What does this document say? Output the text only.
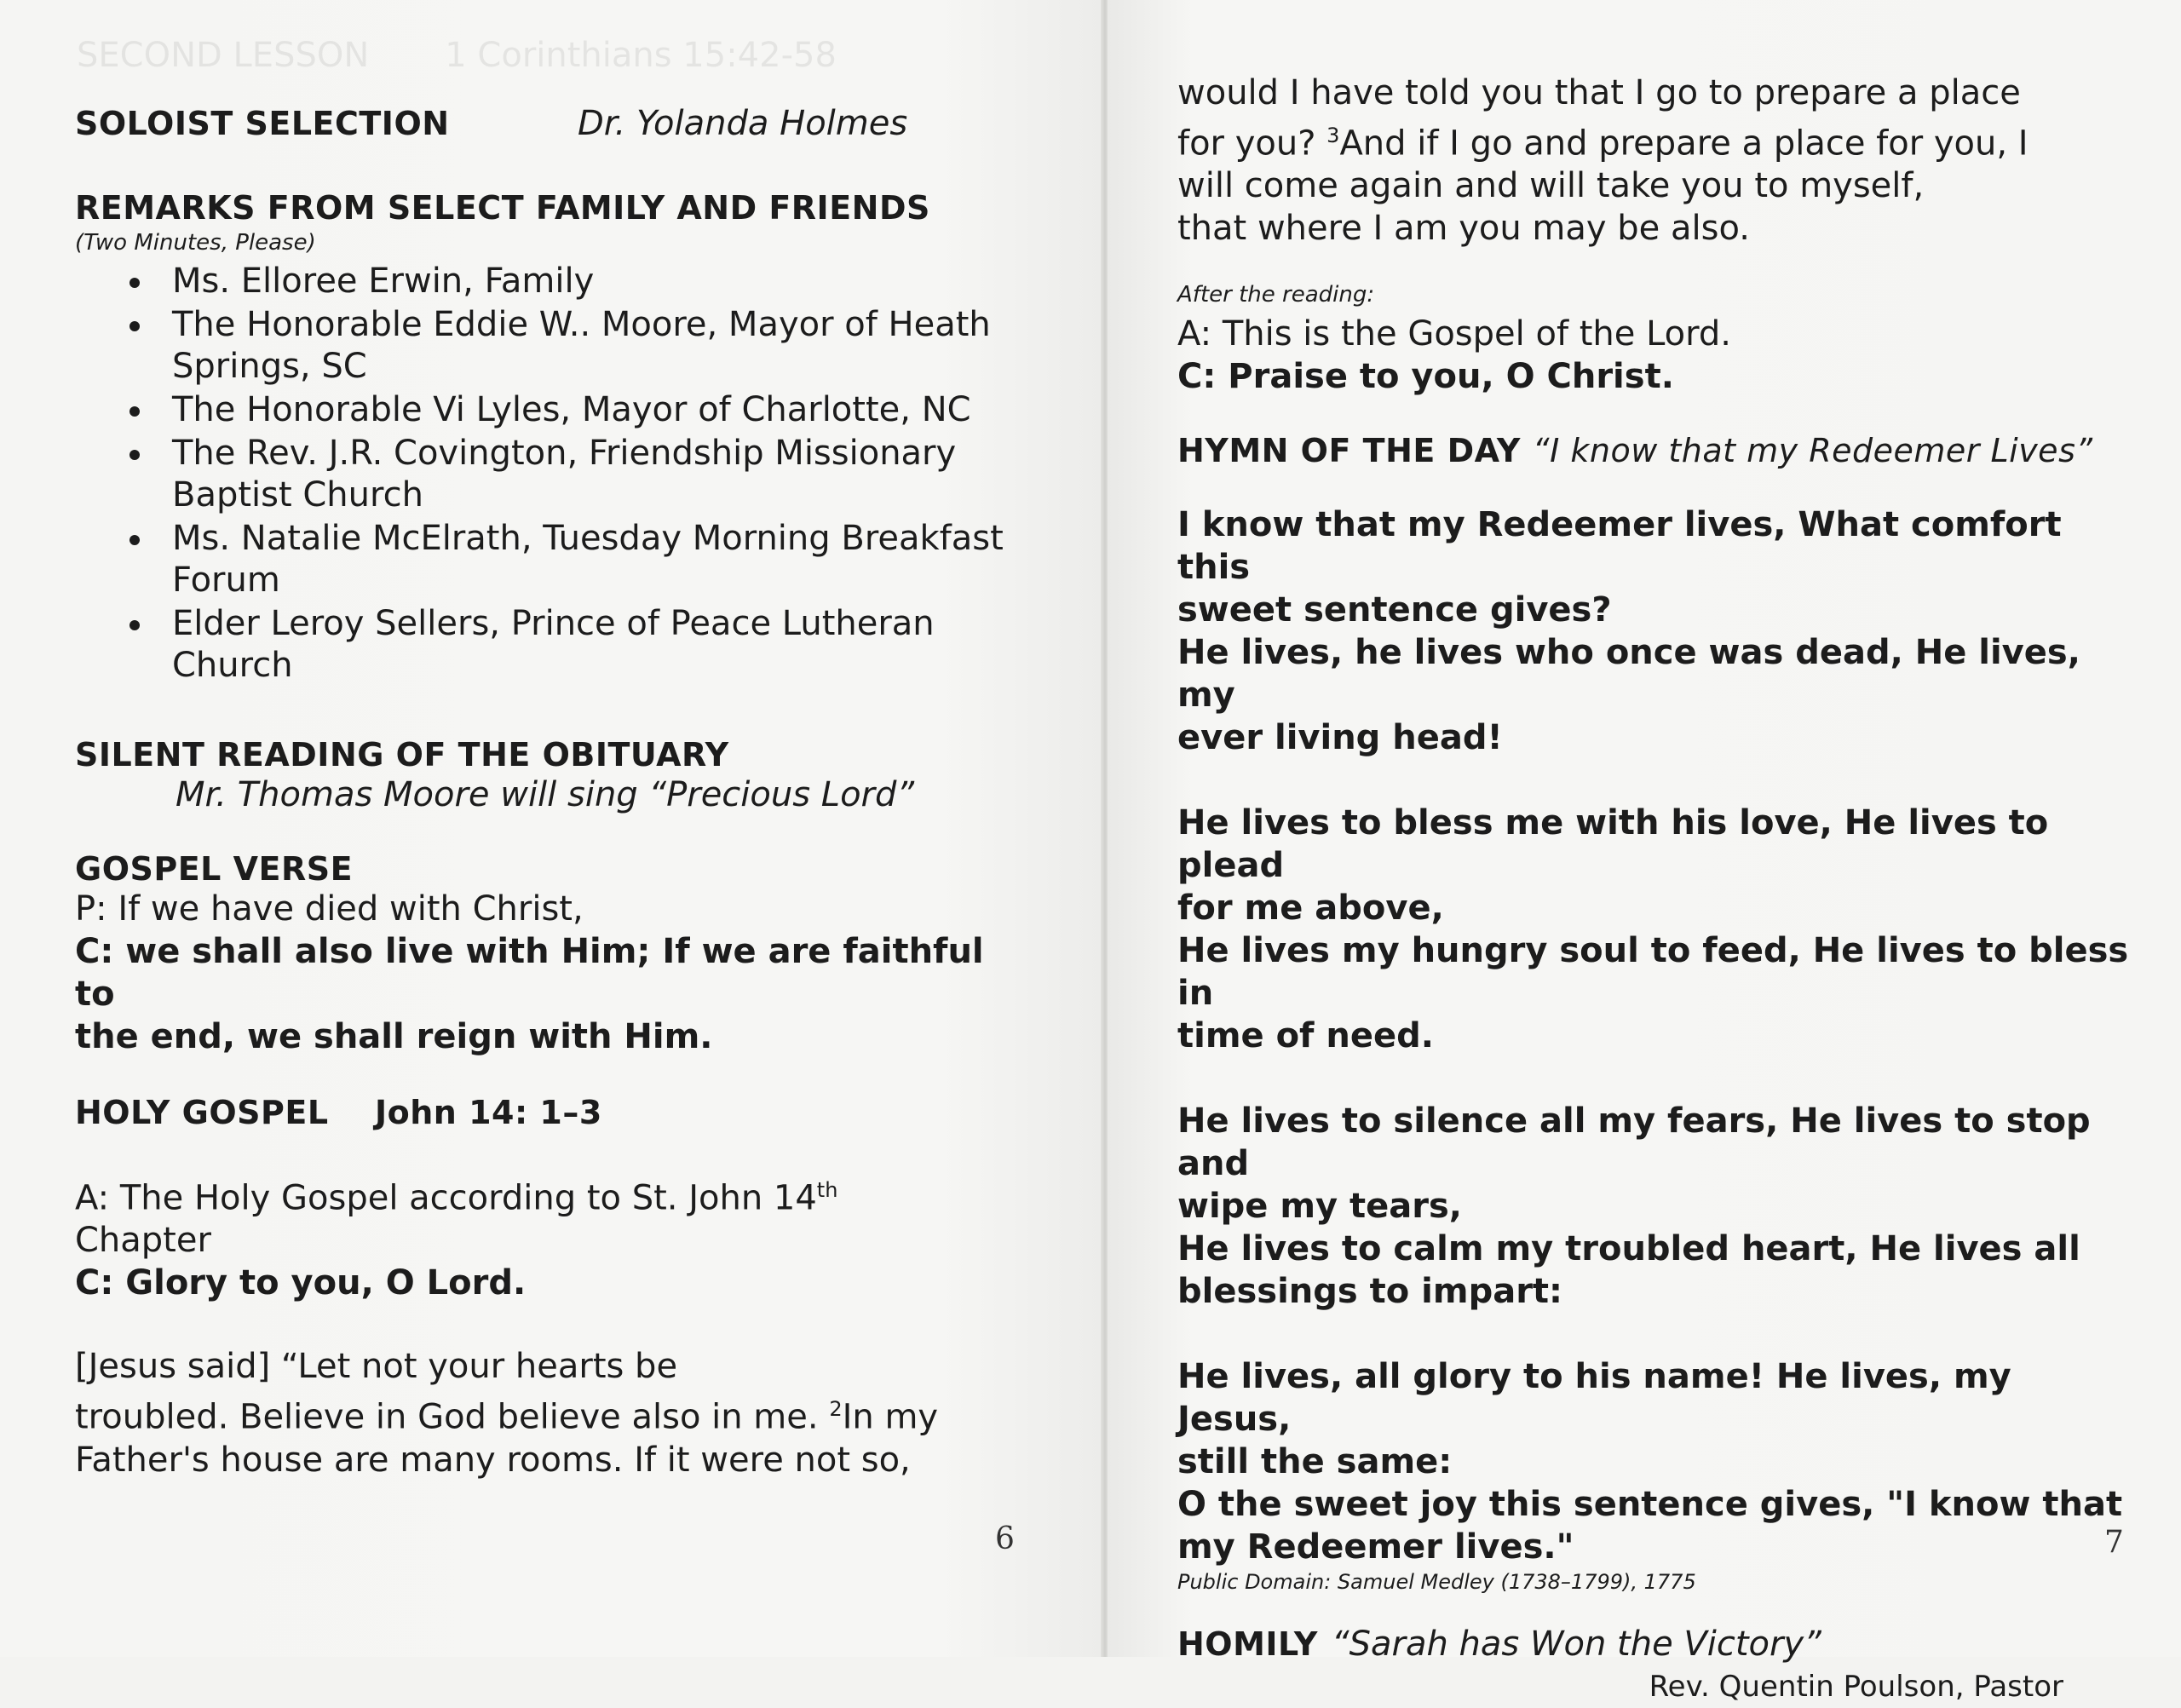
SECOND LESSON       1 Corinthians 15:42-58

SOLOIST SELECTION	Dr. Yolanda Holmes

REMARKS FROM SELECT FAMILY AND FRIENDS

(Two Minutes, Please)

Ms. Elloree Erwin, Family
The Honorable Eddie W.. Moore, Mayor of Heath Springs, SC
The Honorable Vi Lyles, Mayor of Charlotte, NC
The Rev. J.R. Covington, Friendship Missionary Baptist Church
Ms. Natalie McElrath, Tuesday Morning Breakfast Forum
Elder Leroy Sellers, Prince of Peace Lutheran Church

SILENT READING OF THE OBITUARY

Mr. Thomas Moore will sing “Precious Lord”

GOSPEL VERSE

P: If we have died with Christ,

C: we shall also live with Him; If we are faithful to

the end, we shall reign with Him.

HOLY GOSPEL	John 14: 1–3

A: The Holy Gospel according to St. John 14th

Chapter

C: Glory to you, O Lord.

[Jesus said] “Let not your hearts be

troubled. Believe in God believe also in me. $^2$In my

Father's house are many rooms. If it were not so,

6

would I have told you that I go to prepare a place

for you? $^3$And if I go and prepare a place for you, I

will come again and will take you to myself,

that where I am you may be also.

After the reading:

A: This is the Gospel of the Lord.

C: Praise to you, O Christ.

HYMN OF THE DAY “I know that my Redeemer Lives”

I know that my Redeemer lives, What comfort this

sweet sentence gives?

He lives, he lives who once was dead, He lives, my

ever living head!

He lives to bless me with his love, He lives to plead

for me above,

He lives my hungry soul to feed, He lives to bless in

time of need.

He lives to silence all my fears, He lives to stop and

wipe my tears,

He lives to calm my troubled heart, He lives all

blessings to impart:

He lives, all glory to his name! He lives, my Jesus,

still the same:

O the sweet joy this sentence gives, "I know that

my Redeemer lives."

Public Domain: Samuel Medley (1738–1799), 1775

HOMILY “Sarah has Won the Victory”

Rev. Quentin Poulson, Pastor

7
